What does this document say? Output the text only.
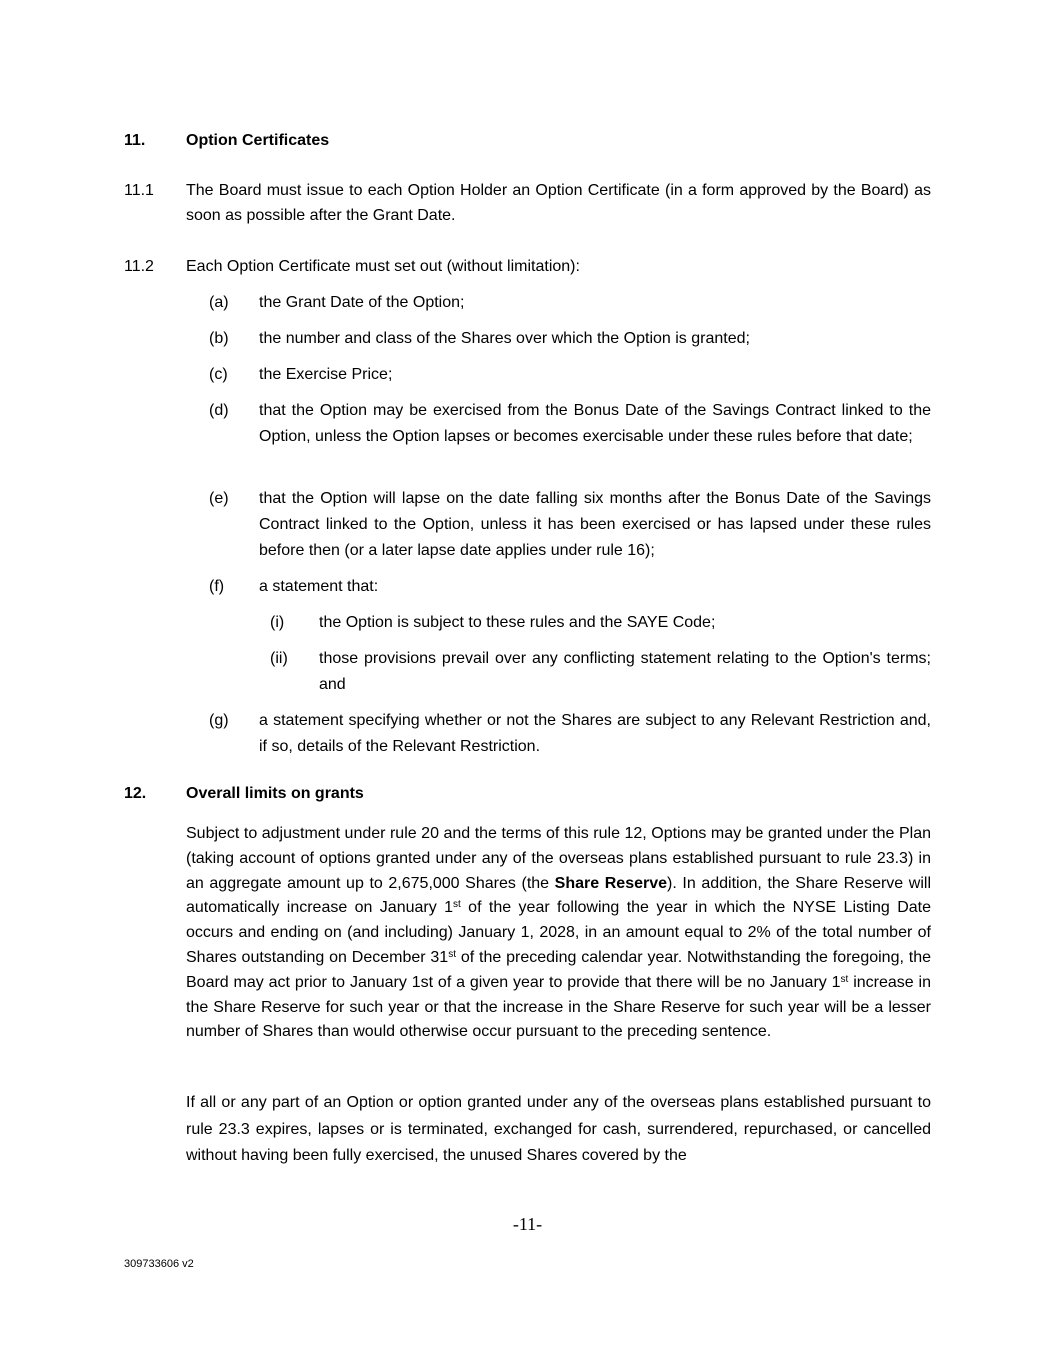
11.	Option Certificates
11.1 The Board must issue to each Option Holder an Option Certificate (in a form approved by the Board) as soon as possible after the Grant Date.
11.2 Each Option Certificate must set out (without limitation):
(a) the Grant Date of the Option;
(b) the number and class of the Shares over which the Option is granted;
(c) the Exercise Price;
(d) that the Option may be exercised from the Bonus Date of the Savings Contract linked to the Option, unless the Option lapses or becomes exercisable under these rules before that date;
(e) that the Option will lapse on the date falling six months after the Bonus Date of the Savings Contract linked to the Option, unless it has been exercised or has lapsed under these rules before then (or a later lapse date applies under rule 16);
(f) a statement that:
(i) the Option is subject to these rules and the SAYE Code;
(ii) those provisions prevail over any conflicting statement relating to the Option's terms; and
(g) a statement specifying whether or not the Shares are subject to any Relevant Restriction and, if so, details of the Relevant Restriction.
12. Overall limits on grants
Subject to adjustment under rule 20 and the terms of this rule 12, Options may be granted under the Plan (taking account of options granted under any of the overseas plans established pursuant to rule 23.3) in an aggregate amount up to 2,675,000 Shares (the Share Reserve). In addition, the Share Reserve will automatically increase on January 1st of the year following the year in which the NYSE Listing Date occurs and ending on (and including) January 1, 2028, in an amount equal to 2% of the total number of Shares outstanding on December 31st of the preceding calendar year. Notwithstanding the foregoing, the Board may act prior to January 1st of a given year to provide that there will be no January 1st increase in the Share Reserve for such year or that the increase in the Share Reserve for such year will be a lesser number of Shares than would otherwise occur pursuant to the preceding sentence.
If all or any part of an Option or option granted under any of the overseas plans established pursuant to rule 23.3 expires, lapses or is terminated, exchanged for cash, surrendered, repurchased, or cancelled without having been fully exercised, the unused Shares covered by the
-11-
309733606 v2
